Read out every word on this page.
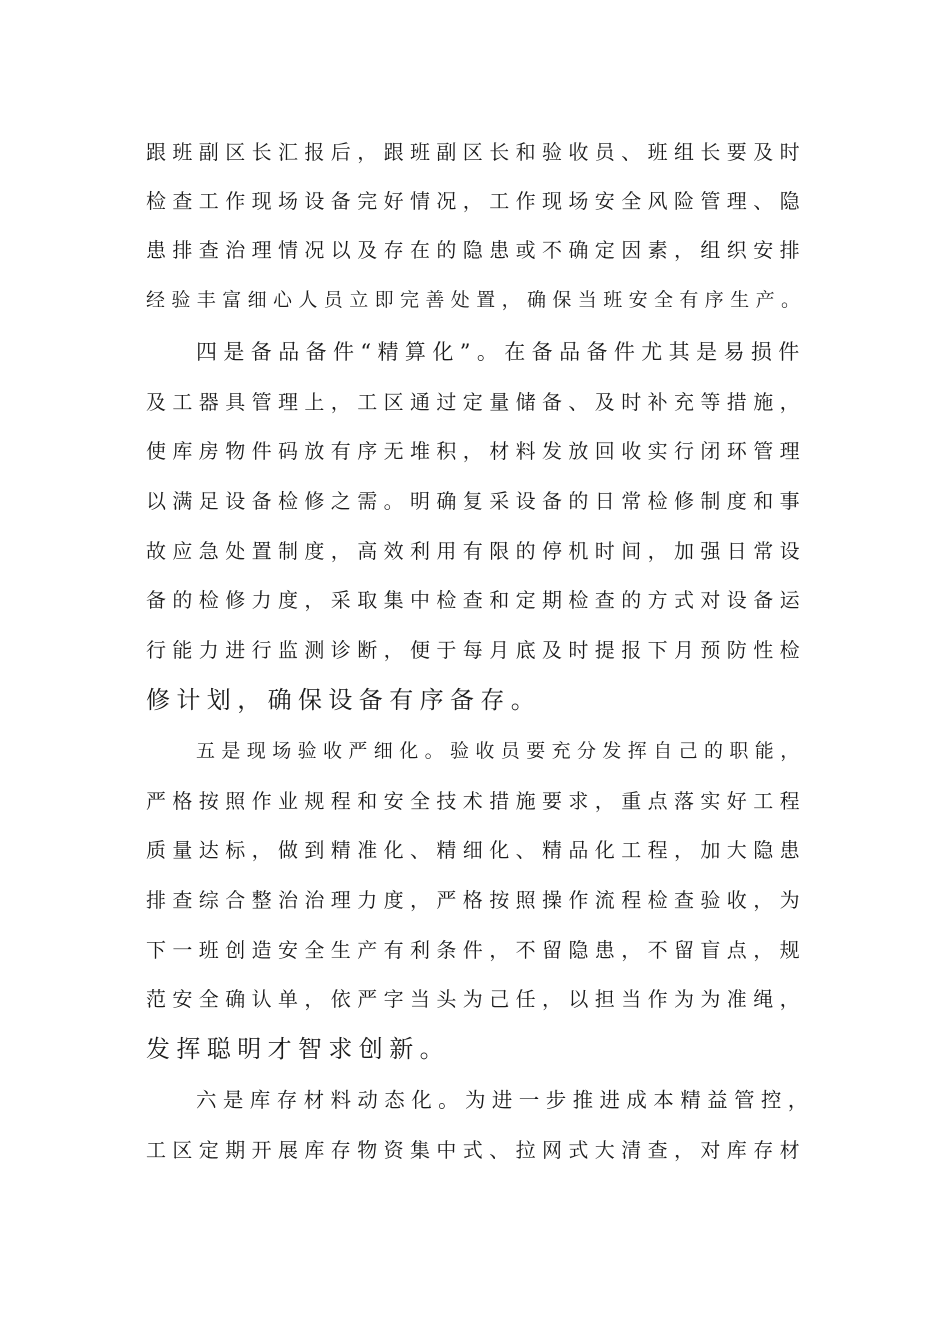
跟班副区长汇报后，跟班副区长和验收员、班组长要及时
检查工作现场设备完好情况，工作现场安全风险管理、隐
患排查治理情况以及存在的隐患或不确定因素，组织安排
经验丰富细心人员立即完善处置，确保当班安全有序生产。
四是备品备件“精算化”。在备品备件尤其是易损件
及工器具管理上，工区通过定量储备、及时补充等措施，
使库房物件码放有序无堆积，材料发放回收实行闭环管理
以满足设备检修之需。明确复采设备的日常检修制度和事
故应急处置制度，高效利用有限的停机时间，加强日常设
备的检修力度，采取集中检查和定期检查的方式对设备运
行能力进行监测诊断，便于每月底及时提报下月预防性检
修计划，确保设备有序备存。
五是现场验收严细化。验收员要充分发挥自己的职能，
严格按照作业规程和安全技术措施要求，重点落实好工程
质量达标，做到精准化、精细化、精品化工程，加大隐患
排查综合整治治理力度，严格按照操作流程检查验收，为
下一班创造安全生产有利条件，不留隐患，不留盲点，规
范安全确认单，依严字当头为己任，以担当作为为准绳，
发挥聪明才智求创新。
六是库存材料动态化。为进一步推进成本精益管控，
工区定期开展库存物资集中式、拉网式大清查，对库存材
